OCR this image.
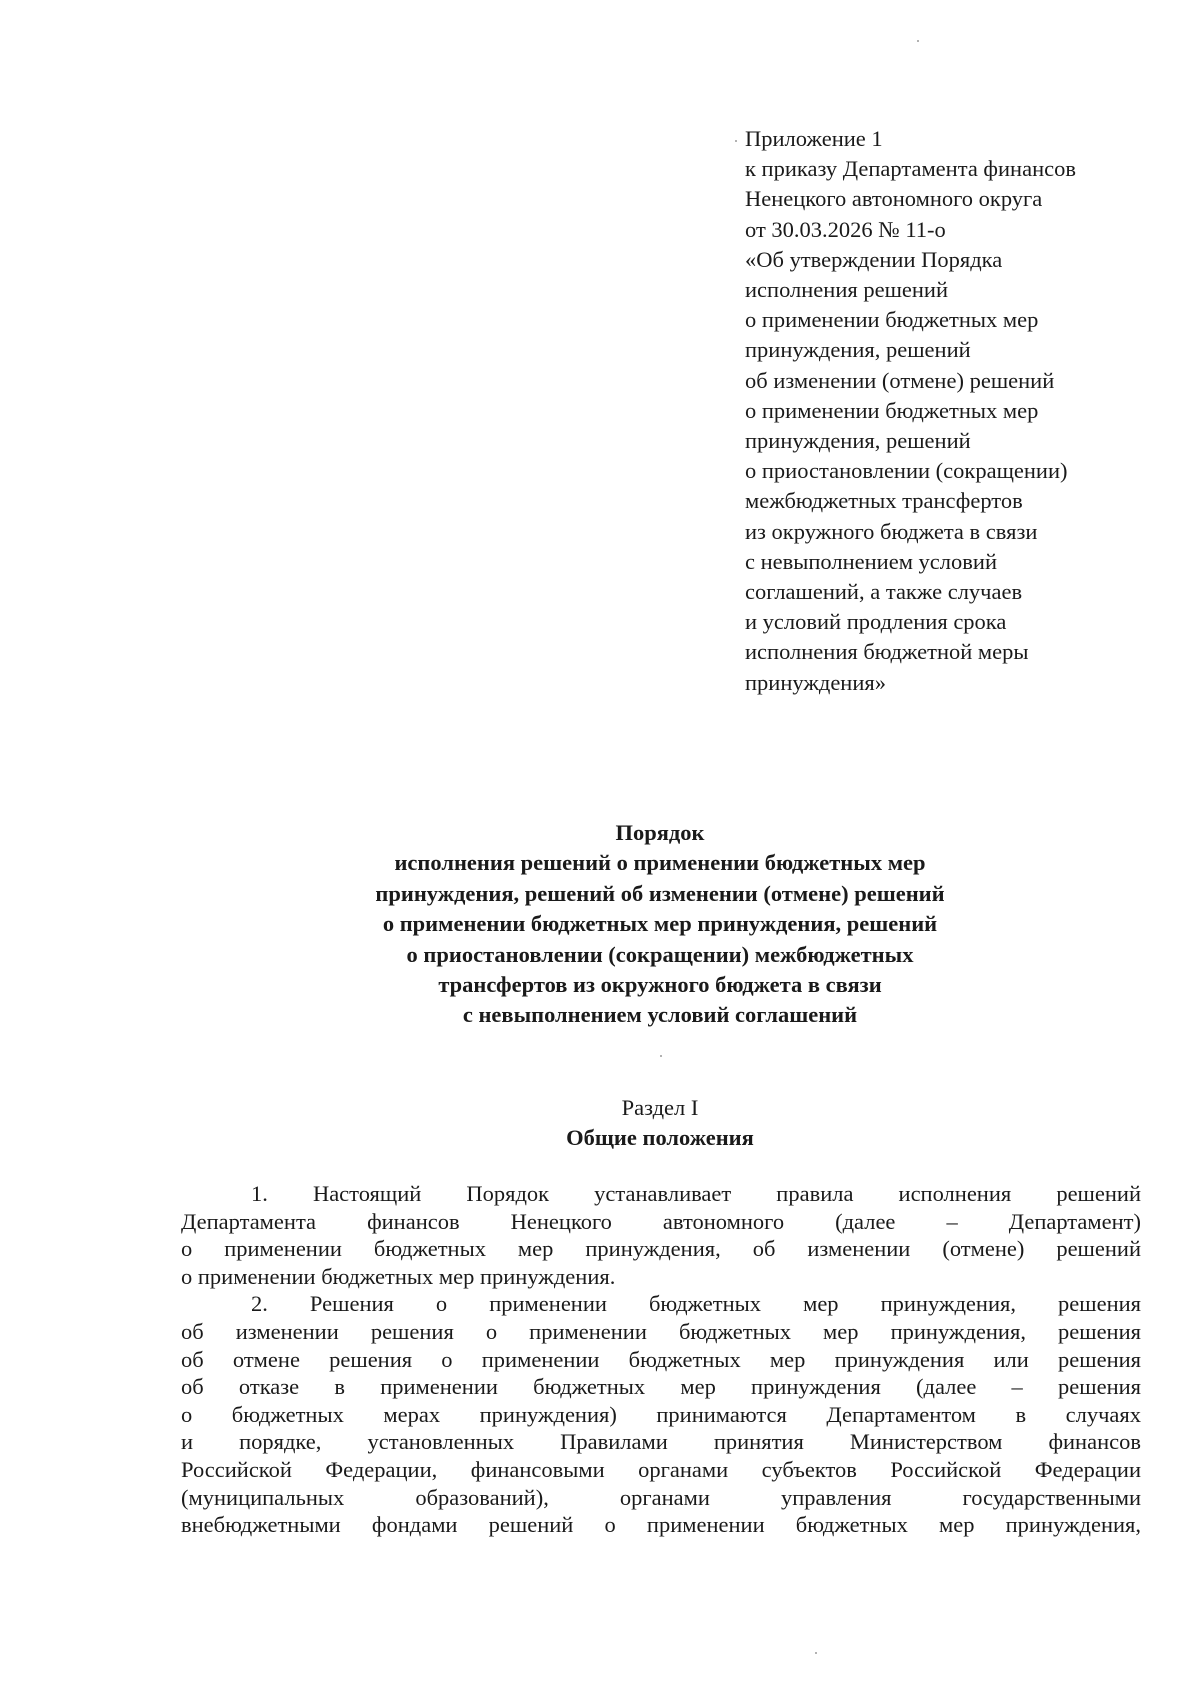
Приложение 1
к приказу Департамента финансов
Ненецкого автономного округа
от 30.03.2026 № 11-о
«Об утверждении Порядка
исполнения решений
о применении бюджетных мер
принуждения, решений
об изменении (отмене) решений
о применении бюджетных мер
принуждения, решений
о приостановлении (сокращении)
межбюджетных трансфертов
из окружного бюджета в связи
с невыполнением условий
соглашений, а также случаев
и условий продления срока
исполнения бюджетной меры
принуждения»
Порядок
исполнения решений о применении бюджетных мер
принуждения, решений об изменении (отмене) решений
о применении бюджетных мер принуждения, решений
о приостановлении (сокращении) межбюджетных
трансфертов из окружного бюджета в связи
с невыполнением условий соглашений
Раздел I
Общие положения
1. Настоящий Порядок устанавливает правила исполнения решений
Департамента финансов Ненецкого автономного (далее – Департамент)
о применении бюджетных мер принуждения, об изменении (отмене) решений
о применении бюджетных мер принуждения.
2. Решения о применении бюджетных мер принуждения, решения
об изменении решения о применении бюджетных мер принуждения, решения
об отмене решения о применении бюджетных мер принуждения или решения
об отказе в применении бюджетных мер принуждения (далее – решения
о бюджетных мерах принуждения) принимаются Департаментом в случаях
и порядке, установленных Правилами принятия Министерством финансов
Российской Федерации, финансовыми органами субъектов Российской Федерации
(муниципальных образований), органами управления государственными
внебюджетными фондами решений о применении бюджетных мер принуждения,
